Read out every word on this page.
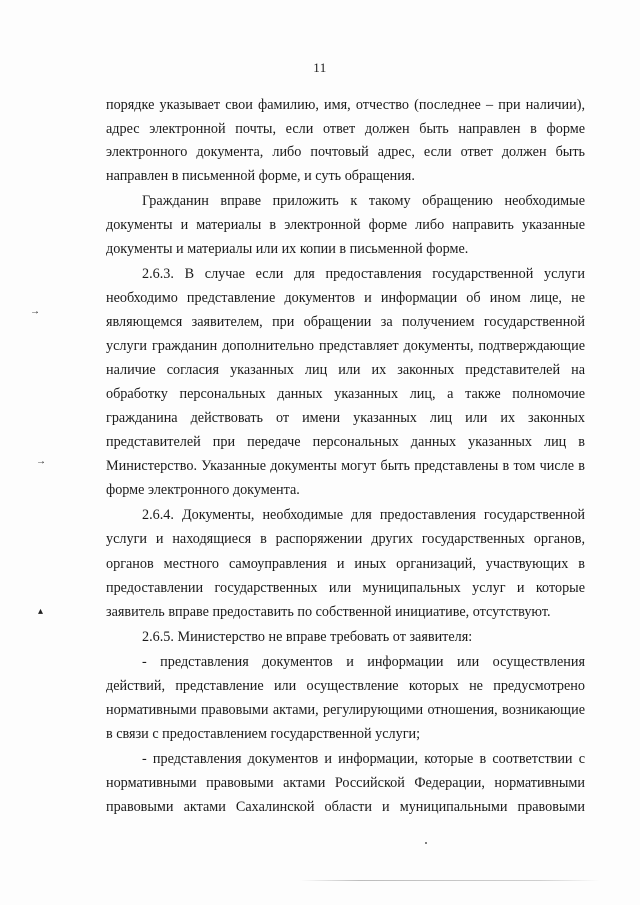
11
порядке указывает свои фамилию, имя, отчество (последнее – при наличии),
адрес электронной почты, если ответ должен быть направлен в форме
электронного документа, либо почтовый адрес, если ответ должен быть
направлен в письменной форме, и суть обращения.
Гражданин вправе приложить к такому обращению необходимые
документы и материалы в электронной форме либо направить указанные
документы и материалы или их копии в письменной форме.
2.6.3. В случае если для предоставления государственной услуги
необходимо представление документов и информации об ином лице, не
являющемся заявителем, при обращении за получением государственной
услуги гражданин дополнительно представляет документы, подтверждающие
наличие согласия указанных лиц или их законных представителей на
обработку персональных данных указанных лиц, а также полномочие
гражданина действовать от имени указанных лиц или их законных
представителей при передаче персональных данных указанных лиц в
Министерство. Указанные документы могут быть представлены в том числе в
форме электронного документа.
2.6.4. Документы, необходимые для предоставления государственной
услуги и находящиеся в распоряжении других государственных органов,
органов местного самоуправления и иных организаций, участвующих в
предоставлении государственных или муниципальных услуг и которые
заявитель вправе предоставить по собственной инициативе, отсутствуют.
2.6.5. Министерство не вправе требовать от заявителя:
- представления документов и информации или осуществления
действий, представление или осуществление которых не предусмотрено
нормативными правовыми актами, регулирующими отношения, возникающие
в связи с предоставлением государственной услуги;
- представления документов и информации, которые в соответствии с
нормативными правовыми актами Российской Федерации, нормативными
правовыми актами Сахалинской области и муниципальными правовыми
→
→
▴
